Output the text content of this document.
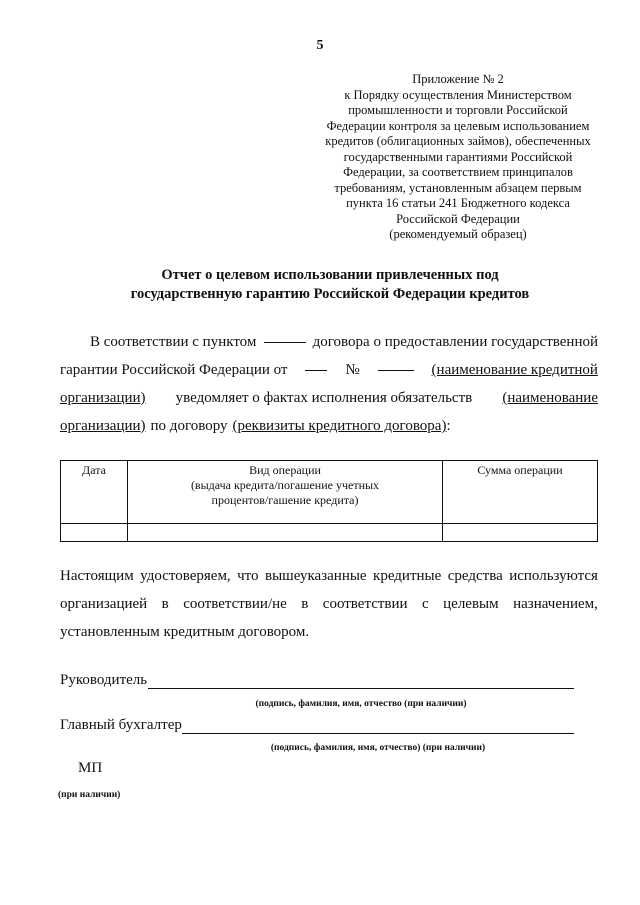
5
Приложение № 2
к Порядку осуществления Министерством
промышленности и торговли Российской
Федерации контроля за целевым использованием
кредитов (облигационных займов), обеспеченных
государственными гарантиями Российской
Федерации, за соответствием принципалов
требованиям, установленным абзацем первым
пункта 16 статьи 241 Бюджетного кодекса
Российской Федерации
(рекомендуемый образец)
Отчет о целевом использовании привлеченных под
государственную гарантию Российской Федерации кредитов
В соответствии с пунктом	договора о предоставлении государственной
гарантии Российской Федерации от	№	(наименование кредитной
организации) уведомляет о фактах исполнения обязательств (наименование
организации) по договору (реквизиты кредитного договора):
Дата	Вид операции
(выдача кредита/погашение учетных
процентов/гашение кредита)	Сумма операции

Настоящим удостоверяем, что вышеуказанные кредитные средства используются
организацией в соответствии/не в соответствии с целевым назначением,
установленным кредитным договором.
Руководитель
(подпись, фамилия, имя, отчество (при наличии)
Главный бухгалтер
(подпись, фамилия, имя, отчество) (при наличии)
МП
(при наличии)
